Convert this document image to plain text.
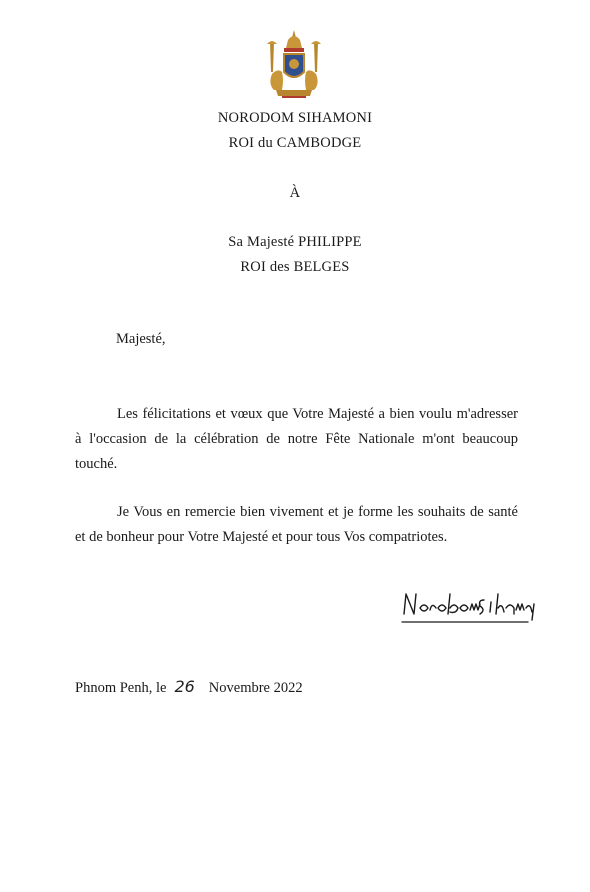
NORODOM SIHAMONI
ROI du CAMBODGE
À
Sa Majesté PHILIPPE
ROI des BELGES
Majesté,
Les félicitations et vœux que Votre Majesté a bien voulu m'adresser à l'occasion de la célébration de notre Fête Nationale m'ont beaucoup touché.
Je Vous en remercie bien vivement et je forme les souhaits de santé et de bonheur pour Votre Majesté et pour tous Vos compatriotes.
Phnom Penh, le 26 Novembre 2022
